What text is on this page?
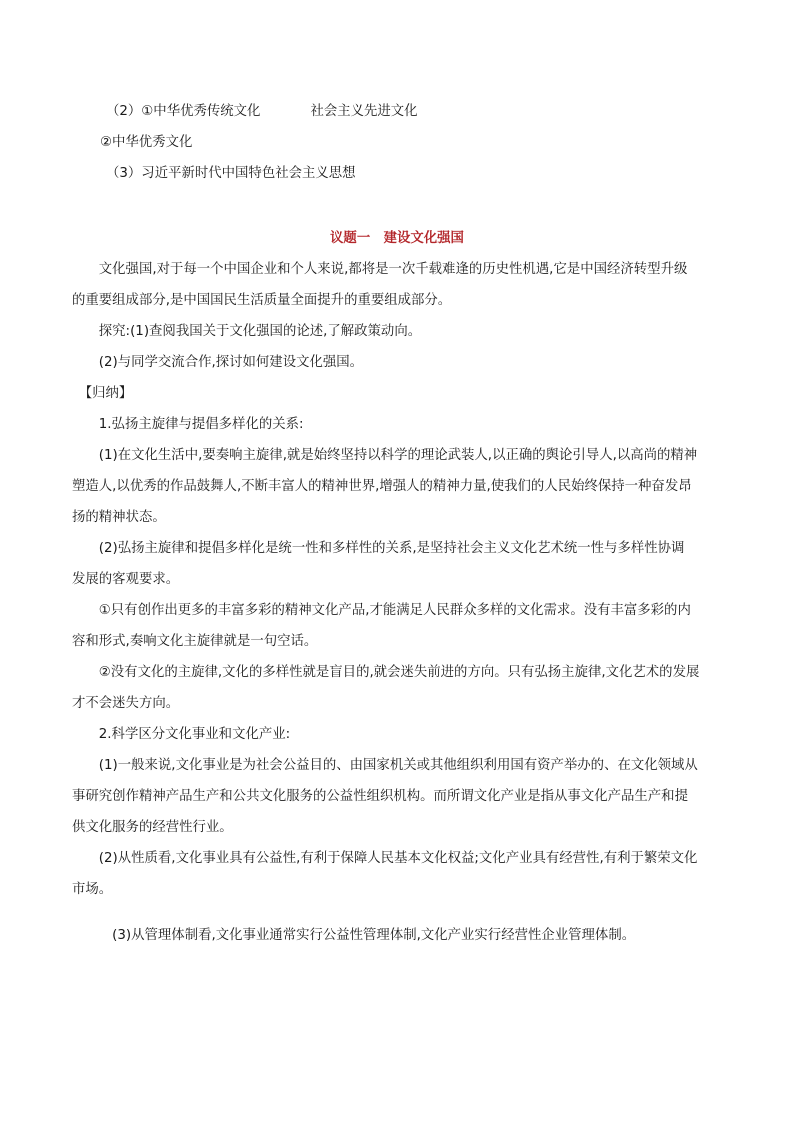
（2）①中华优秀传统文化	社会主义先进文化
②中华优秀文化
（3）习近平新时代中国特色社会主义思想
议题一　建设文化强国
　　文化强国,对于每一个中国企业和个人来说,都将是一次千载难逢的历史性机遇,它是中国经济转型升级
的重要组成部分,是中国国民生活质量全面提升的重要组成部分。
　　探究:(1)查阅我国关于文化强国的论述,了解政策动向。
　　(2)与同学交流合作,探讨如何建设文化强国。
　【归纳】
　　1.弘扬主旋律与提倡多样化的关系:
　　(1)在文化生活中,要奏响主旋律,就是始终坚持以科学的理论武装人,以正确的舆论引导人,以高尚的精神
塑造人,以优秀的作品鼓舞人,不断丰富人的精神世界,增强人的精神力量,使我们的人民始终保持一种奋发昂
扬的精神状态。
　　(2)弘扬主旋律和提倡多样化是统一性和多样性的关系,是坚持社会主义文化艺术统一性与多样性协调
发展的客观要求。
　　①只有创作出更多的丰富多彩的精神文化产品,才能满足人民群众多样的文化需求。没有丰富多彩的内
容和形式,奏响文化主旋律就是一句空话。
　　②没有文化的主旋律,文化的多样性就是盲目的,就会迷失前进的方向。只有弘扬主旋律,文化艺术的发展
才不会迷失方向。
　　2.科学区分文化事业和文化产业:
　　(1)一般来说,文化事业是为社会公益目的、由国家机关或其他组织利用国有资产举办的、在文化领域从
事研究创作精神产品生产和公共文化服务的公益性组织机构。而所谓文化产业是指从事文化产品生产和提
供文化服务的经营性行业。
　　(2)从性质看,文化事业具有公益性,有利于保障人民基本文化权益;文化产业具有经营性,有利于繁荣文化
市场。
　　　(3)从管理体制看,文化事业通常实行公益性管理体制,文化产业实行经营性企业管理体制。
